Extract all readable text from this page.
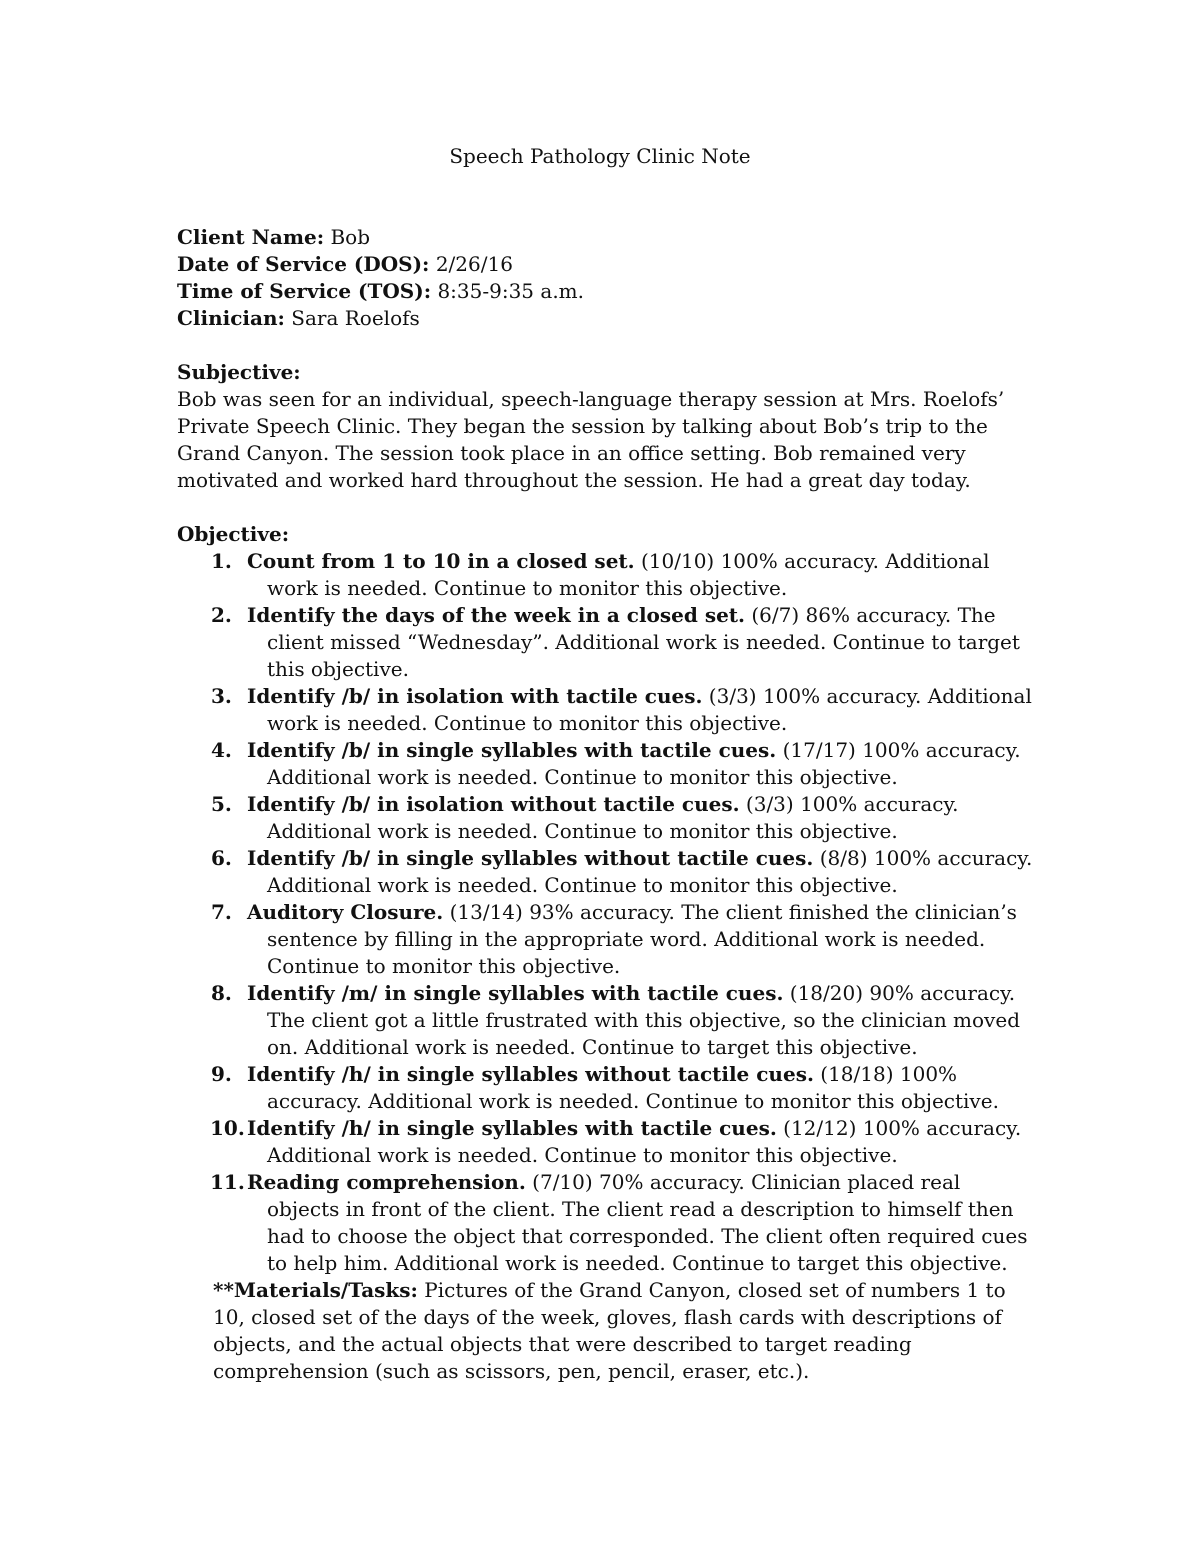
Speech Pathology Clinic Note

Client Name: Bob

Date of Service (DOS): 2/26/16

Time of Service (TOS): 8:35-9:35 a.m.

Clinician: Sara Roelofs

Subjective:

Bob was seen for an individual, speech-language therapy session at Mrs. Roelofs’ Private Speech Clinic. They began the session by talking about Bob’s trip to the Grand Canyon. The session took place in an office setting. Bob remained very motivated and worked hard throughout the session. He had a great day today.

Objective:

1. Count from 1 to 10 in a closed set. (10/10) 100% accuracy. Additional work is needed. Continue to monitor this objective.
2. Identify the days of the week in a closed set. (6/7) 86% accuracy. The client missed “Wednesday”. Additional work is needed. Continue to target this objective.
3. Identify /b/ in isolation with tactile cues. (3/3) 100% accuracy. Additional work is needed. Continue to monitor this objective.
4. Identify /b/ in single syllables with tactile cues. (17/17) 100% accuracy. Additional work is needed. Continue to monitor this objective.
5. Identify /b/ in isolation without tactile cues. (3/3) 100% accuracy. Additional work is needed. Continue to monitor this objective.
6. Identify /b/ in single syllables without tactile cues. (8/8) 100% accuracy. Additional work is needed. Continue to monitor this objective.
7. Auditory Closure. (13/14) 93% accuracy. The client finished the clinician’s sentence by filling in the appropriate word. Additional work is needed. Continue to monitor this objective.
8. Identify /m/ in single syllables with tactile cues. (18/20) 90% accuracy. The client got a little frustrated with this objective, so the clinician moved on. Additional work is needed. Continue to target this objective.
9. Identify /h/ in single syllables without tactile cues. (18/18) 100% accuracy. Additional work is needed. Continue to monitor this objective.
10. Identify /h/ in single syllables with tactile cues. (12/12) 100% accuracy. Additional work is needed. Continue to monitor this objective.
11. Reading comprehension. (7/10) 70% accuracy. Clinician placed real objects in front of the client. The client read a description to himself then had to choose the object that corresponded. The client often required cues to help him. Additional work is needed. Continue to target this objective.

**Materials/Tasks: Pictures of the Grand Canyon, closed set of numbers 1 to 10, closed set of the days of the week, gloves, flash cards with descriptions of objects, and the actual objects that were described to target reading comprehension (such as scissors, pen, pencil, eraser, etc.).
